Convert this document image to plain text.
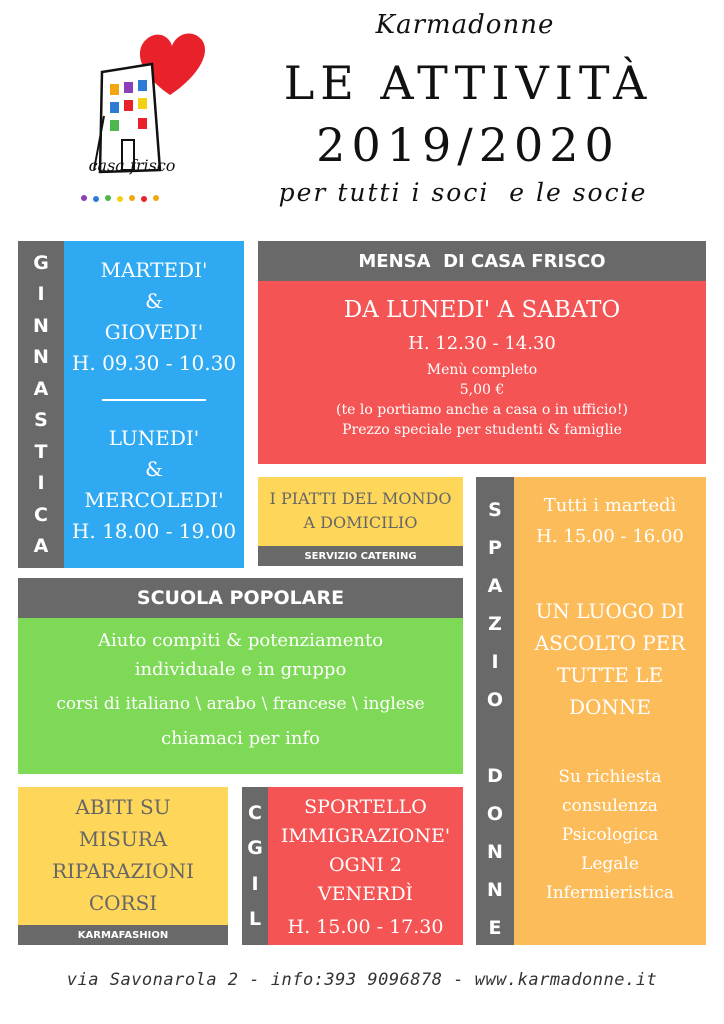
casa frisco
Karmadonne
LE ATTIVITÀ
2019/2020
per tutti i soci  e le socie
G
I
N
N
A
S
T
I
C
A
MARTEDI'
&
GIOVEDI'
H. 09.30 - 10.30
LUNEDI'
&
MERCOLEDI'
H. 18.00 - 19.00
MENSA  DI CASA FRISCO
DA LUNEDI' A SABATO
H. 12.30 - 14.30
Menù completo
5,00 €
(te lo portiamo anche a casa o in ufficio!)
Prezzo speciale per studenti & famiglie
I PIATTI DEL MONDO
A DOMICILIO
SERVIZIO CATERING
S
P
A
Z
I
O
D
O
N
N
E
Tutti i martedì
H. 15.00 - 16.00
UN LUOGO DI
ASCOLTO PER
TUTTE LE
DONNE
Su richiesta
consulenza
Psicologica
Legale
Infermieristica
SCUOLA POPOLARE
Aiuto compiti & potenziamento
individuale e in gruppo
corsi di italiano \ arabo \ francese \ inglese
chiamaci per info
ABITI SU
MISURA
RIPARAZIONI
CORSI
KARMAFASHION
C
G
I
L
SPORTELLO
IMMIGRAZIONE'
OGNI 2
VENERDÌ
H. 15.00 - 17.30
via Savonarola 2 - info:393 9096878 - www.karmadonne.it
